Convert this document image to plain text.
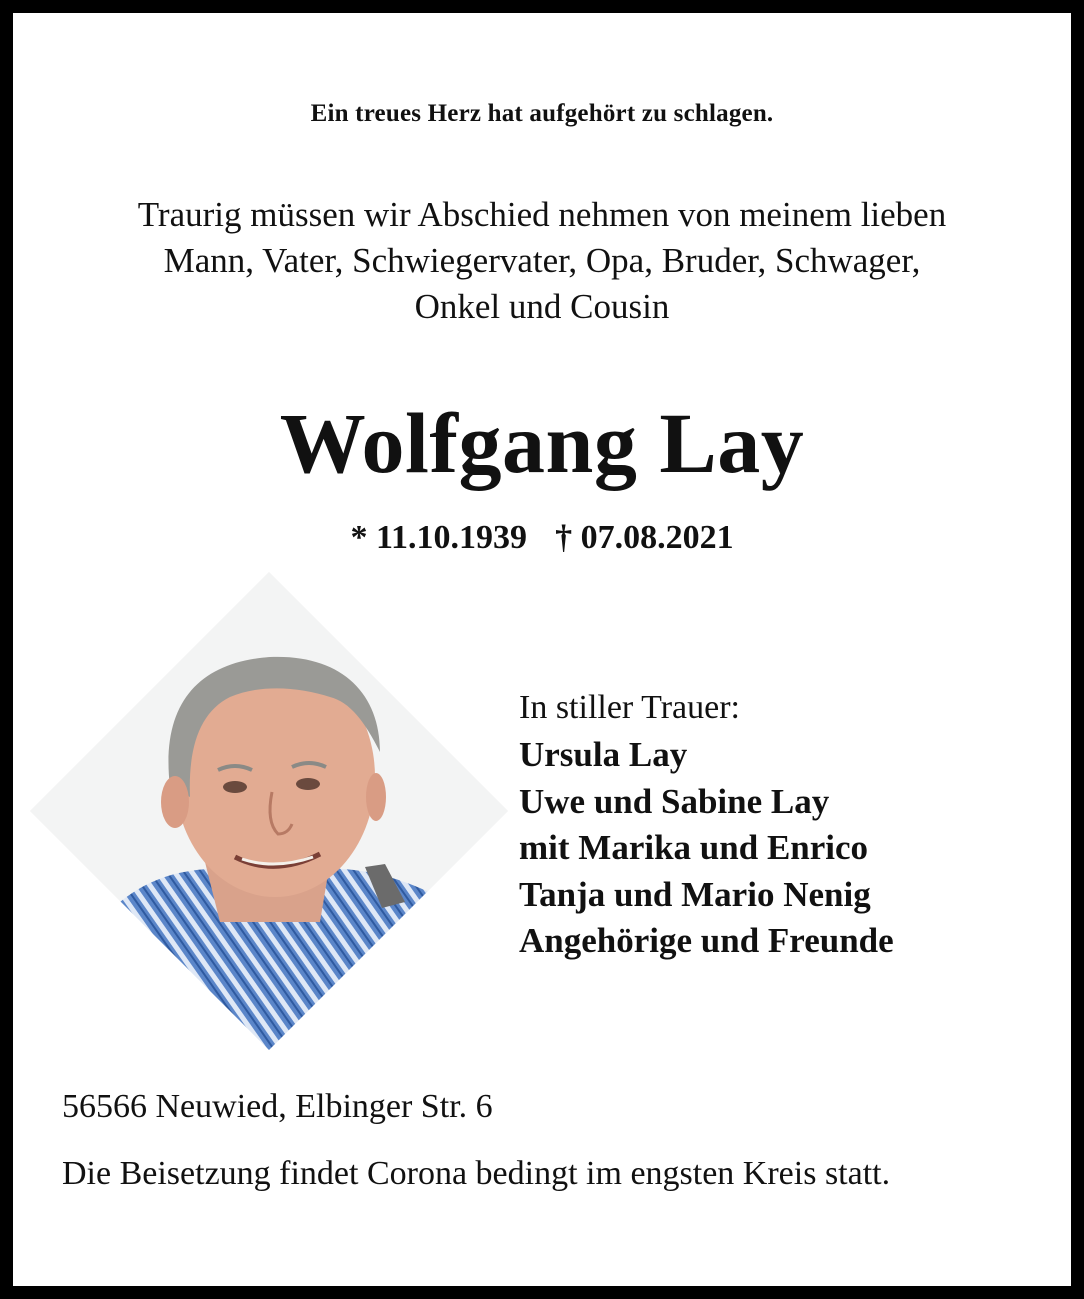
Ein treues Herz hat aufgehört zu schlagen.
Traurig müssen wir Abschied nehmen von meinem lieben
Mann, Vater, Schwiegervater, Opa, Bruder, Schwager,
Onkel und Cousin
Wolfgang Lay
* 11.10.1939 † 07.08.2021
In stiller Trauer:
Ursula Lay
Uwe und Sabine Lay
mit Marika und Enrico
Tanja und Mario Nenig
Angehörige und Freunde
56566 Neuwied, Elbinger Str. 6
Die Beisetzung findet Corona bedingt im engsten Kreis statt.
